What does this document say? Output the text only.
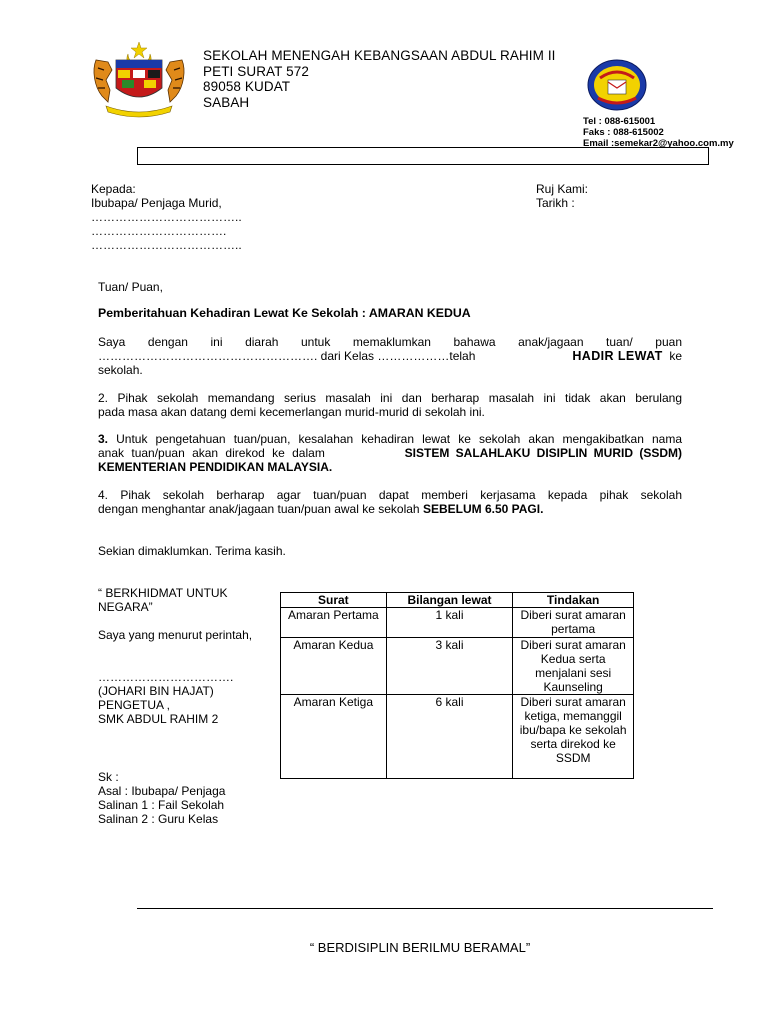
SEKOLAH MENENGAH KEBANGSAAN ABDUL RAHIM II
PETI SURAT 572
89058 KUDAT
SABAH
Tel : 088-615001
Faks : 088-615002
Email :semekar2@yahoo.com.my
Kepada:
Ibubapa/ Penjaga Murid,
………………………………..
…………………………….
………………………………..
Ruj Kami:
Tarikh :
Tuan/ Puan,
Pemberitahuan Kehadiran Lewat Ke Sekolah : AMARAN KEDUA
Saya dengan ini diarah untuk memaklumkan bahawa anak/jagaan tuan/ puan
………………………………………………. dari Kelas ………………telah	HADIR LEWAT ke
sekolah.
2. Pihak sekolah memandang serius masalah ini dan berharap masalah ini tidak akan berulang
pada masa akan datang demi kecemerlangan murid-murid di sekolah ini.
3. Untuk pengetahuan tuan/puan, kesalahan kehadiran lewat ke sekolah akan mengakibatkan nama
anak tuan/puan akan direkod ke dalam	SISTEM SALAHLAKU DISIPLIN MURID (SSDM)
KEMENTERIAN PENDIDIKAN MALAYSIA.
4. Pihak sekolah berharap agar tuan/puan dapat memberi kerjasama kepada pihak sekolah
dengan menghantar anak/jagaan tuan/puan awal ke sekolah SEBELUM 6.50 PAGI.
Sekian dimaklumkan. Terima kasih.
“ BERKHIDMAT UNTUK
NEGARA”
Saya yang menurut perintah,
…………………………….
(JOHARI BIN HAJAT)
PENGETUA ,
SMK ABDUL RAHIM 2
Sk :
Asal : Ibubapa/ Penjaga
Salinan 1 : Fail Sekolah
Salinan 2 : Guru Kelas
Surat	Bilangan lewat	Tindakan
Amaran Pertama	1 kali	Diberi surat amaran pertama
Amaran Kedua	3 kali	Diberi surat amaran Kedua serta menjalani sesi Kaunseling
Amaran Ketiga	6 kali	Diberi surat amaran ketiga, memanggil ibu/bapa ke sekolah serta direkod ke SSDM
“ BERDISIPLIN BERILMU BERAMAL”
